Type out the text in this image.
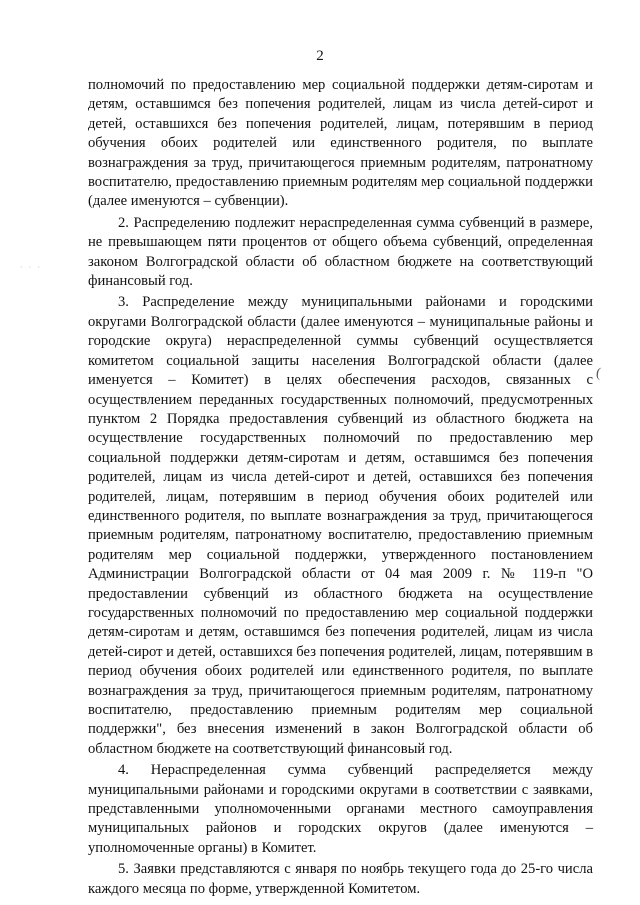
2
· · ·
(

полномочий по предоставлению мер социальной поддержки детям-сиротам и детям, оставшимся без попечения родителей, лицам из числа детей-сирот и детей, оставшихся без попечения родителей, лицам, потерявшим в период обучения обоих родителей или единственного родителя, по выплате вознаграждения за труд, причитающегося приемным родителям, патронатному воспитателю, предоставлению приемным родителям мер социальной поддержки (далее именуются – субвенции).

2. Распределению подлежит нераспределенная сумма субвенций в размере, не превышающем пяти процентов от общего объема субвенций, определенная законом Волгоградской области об областном бюджете на соответствующий финансовый год.

3. Распределение между муниципальными районами и городскими округами Волгоградской области (далее именуются – муниципальные районы и городские округа) нераспределенной суммы субвенций осуществляется комитетом социальной защиты населения Волгоградской области (далее именуется – Комитет) в целях обеспечения расходов, связанных с осуществлением переданных государственных полномочий, предусмотренных пунктом 2 Порядка предоставления субвенций из областного бюджета на осуществление государственных полномочий по предоставлению мер социальной поддержки детям-сиротам и детям, оставшимся без попечения родителей, лицам из числа детей-сирот и детей, оставшихся без попечения родителей, лицам, потерявшим в период обучения обоих родителей или единственного родителя, по выплате вознаграждения за труд, причитающегося приемным родителям, патронатному воспитателю, предоставлению приемным родителям мер социальной поддержки, утвержденного постановлением Администрации Волгоградской области от 04 мая 2009 г. № 119-п "О предоставлении субвенций из областного бюджета на осуществление государственных полномочий по предоставлению мер социальной поддержки детям-сиротам и детям, оставшимся без попечения родителей, лицам из числа детей-сирот и детей, оставшихся без попечения родителей, лицам, потерявшим в период обучения обоих родителей или единственного родителя, по выплате вознаграждения за труд, причитающегося приемным родителям, патронатному воспитателю, предоставлению приемным родителям мер социальной поддержки", без внесения изменений в закон Волгоградской области об областном бюджете на соответствующий финансовый год.

4. Нераспределенная сумма субвенций распределяется между муниципальными районами и городскими округами в соответствии с заявками, представленными уполномоченными органами местного самоуправления муниципальных районов и городских округов (далее именуются – уполномоченные органы) в Комитет.

5. Заявки представляются с января по ноябрь текущего года до 25-го числа каждого месяца по форме, утвержденной Комитетом.
